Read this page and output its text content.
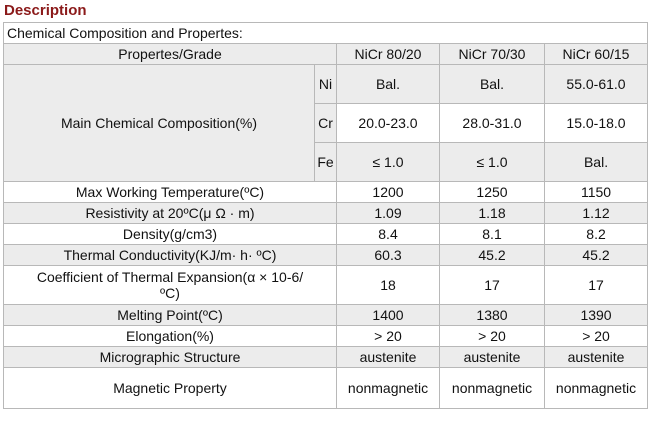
Description
Chemical Composition and Propertes:				
Propertes/Grade		NiCr 80/20	NiCr 70/30	NiCr 60/15
Main Chemical Composition(%)	Ni	Bal.	Bal.	55.0-61.0

	Cr	20.0-23.0	28.0-31.0	15.0-18.0

	Fe	≤ 1.0	≤ 1.0	Bal.
Max Working Temperature(ºC)		1200	1250	1150
Resistivity at 20ºC(μ Ω · m)		1.09	1.18	1.12
Density(g/cm3)		8.4	8.1	8.2
Thermal Conductivity(KJ/m· h· ºC)		60.3	45.2	45.2
Coefficient of Thermal Expansion(α × 10-6/ºC)		18	17	17
Melting Point(ºC)		1400	1380	1390
Elongation(%)		> 20	> 20	> 20
Micrographic Structure		austenite	austenite	austenite
Magnetic Property		nonmagnetic	nonmagnetic	nonmagnetic
